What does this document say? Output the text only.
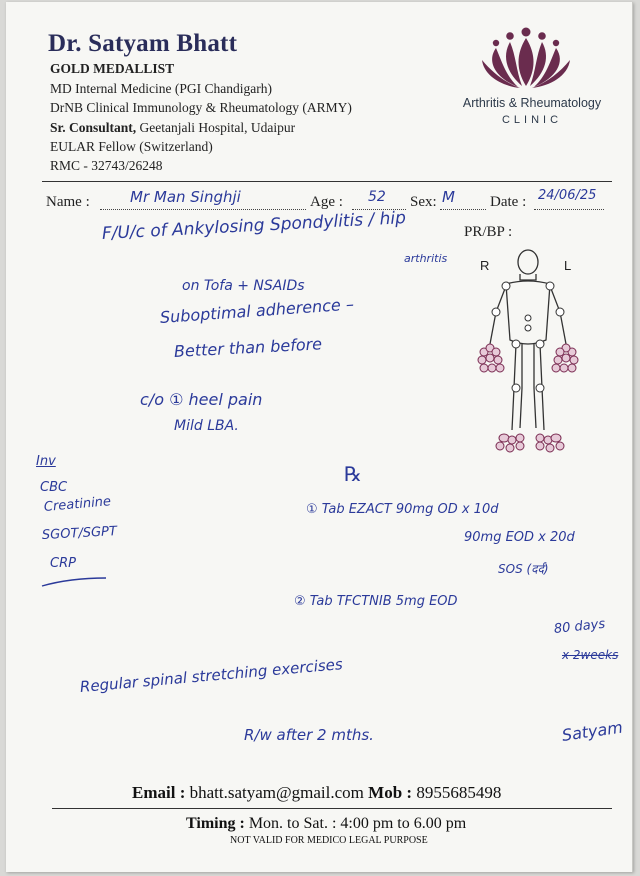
Dr. Satyam Bhatt
GOLD MEDALLIST
MD Internal Medicine (PGI Chandigarh)
DrNB Clinical Immunology & Rheumatology (ARMY)
Sr. Consultant, Geetanjali Hospital, Udaipur
EULAR Fellow (Switzerland)
RMC - 32743/26248
Arthritis & Rheumatology
CLINIC
Name :	Mr Man Singhji	Age : 52 Sex: M Date : 24/06/25
PR/BP :
R	L
F/U/c of Ankylosing Spondylitis / hip
arthritis
on Tofa + NSAIDs
Suboptimal adherence –
Better than before
c/o ① heel pain
Mild LBA.
Inv
CBC
Creatinine
SGOT/SGPT
CRP
℞
① Tab EZACT 90mg OD x 10d
90mg EOD x 20d
SOS (दर्द)
② Tab TFCTNIB 5mg EOD
80 days
x 2weeks
Regular spinal stretching exercises
R/w after 2 mths.	Satyam
Email : bhatt.satyam@gmail.com Mob : 8955685498
Timing : Mon. to Sat. : 4:00 pm to 6.00 pm
NOT VALID FOR MEDICO LEGAL PURPOSE
